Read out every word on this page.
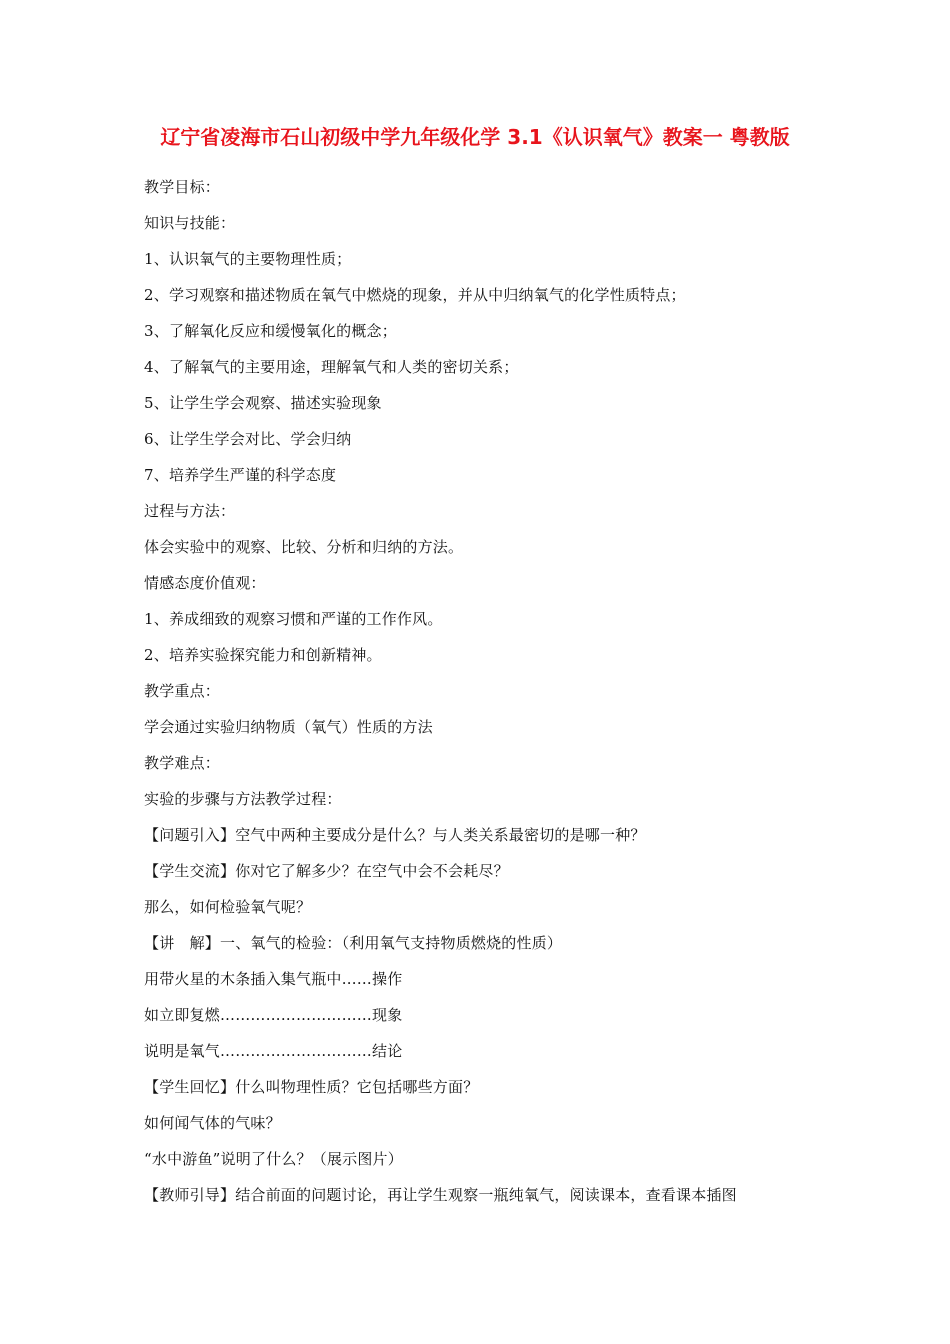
辽宁省凌海市石山初级中学九年级化学 3.1《认识氧气》教案一 粤教版
教学目标：
知识与技能：
1、认识氧气的主要物理性质；
2、学习观察和描述物质在氧气中燃烧的现象，并从中归纳氧气的化学性质特点；
3、了解氧化反应和缓慢氧化的概念；
4、了解氧气的主要用途，理解氧气和人类的密切关系；
5、让学生学会观察、描述实验现象
6、让学生学会对比、学会归纳
7、培养学生严谨的科学态度
过程与方法：
体会实验中的观察、比较、分析和归纳的方法。
情感态度价值观：
1、养成细致的观察习惯和严谨的工作作风。
2、培养实验探究能力和创新精神。
教学重点：
学会通过实验归纳物质（氧气）性质的方法
教学难点：
实验的步骤与方法教学过程：
【问题引入】空气中两种主要成分是什么？与人类关系最密切的是哪一种？
【学生交流】你对它了解多少？在空气中会不会耗尽？
那么，如何检验氧气呢？
【讲　解】一、氧气的检验：（利用氧气支持物质燃烧的性质）
用带火星的木条插入集气瓶中……操作
如立即复燃…………………………现象
说明是氧气…………………………结论
【学生回忆】什么叫物理性质？它包括哪些方面？
如何闻气体的气味？
“水中游鱼”说明了什么？（展示图片）
【教师引导】结合前面的问题讨论，再让学生观察一瓶纯氧气，阅读课本，查看课本插图
